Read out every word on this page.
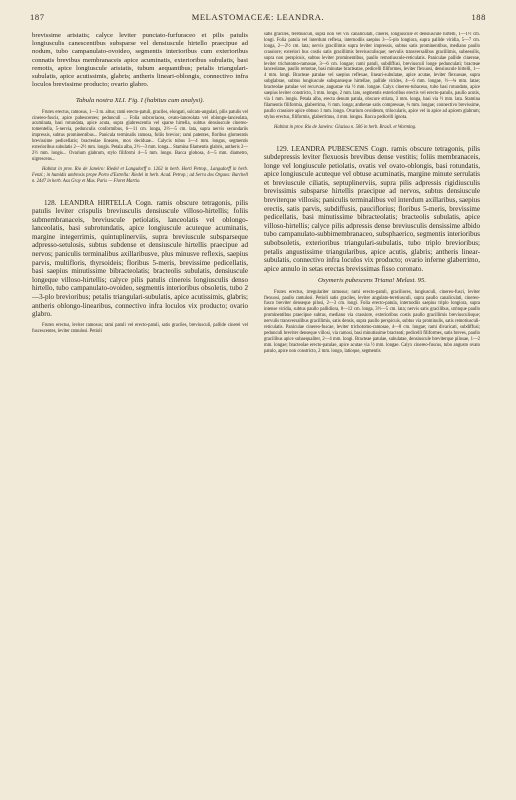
187	MELASTOMACEÆ: LEANDRA.	188

brevissime aristatis; calyce leviter punctato-furfuraceo et pilis patulis longiusculis canescentibus subsparse vel densiuscule hirtello praecipue ad nodum, tubo campanulato-ovoideo, segmentis interioribus cum exterioribus connatis brevibus membranaceis apice acuminatis, exterioribus subulatis, basi remotis, apice longiuscule aristatis, tubum aequantibus; petalis triangulari-subulatis, apice acutissimis, glabris; antheris lineari-oblongis, connectivo infra loculos brevissime producto; ovario glabro.

Tabula nostra XLI. Fig. I (habitus cum analysi).

Frutex erectus, ramosus, 1—3 m. altus; rami erecto-patuli, graciles, elongati, sulcato-angulati, pilis patulis vel cinereo-fuscis, apice pubescentes; pedunculi ... Folia subcoriacea, ovato-lanceolata vel oblongo-lanceolata, acuminata, basi rotundata, apice acuta, supra glabrescentia vel sparse hirtella, subtus densiuscule cinereo-tomentella, 5-nervia, pedunculis conformibus, 6—11 cm. longa, 2½—5 cm. lata, supra nervis secundariis impressis, subtus prominentibus... Panicula terminalis ramosa, foliis brevior; rami patentes, floribus glomeratis brevissime pedicellatis; bracteolae lineares, mox deciduae... Calycis tubus 3—4 mm. longus, segmentis exterioribus subulatis 2—2½ mm. longis. Petala alba, 2½—3 mm. longa... Stamina filamentis glabris, antheris 2—2½ mm. longis... Ovarium glabrum, stylo filiformi 4—5 mm. longo. Bacca globosa, 4—5 mm. diametro, nigrescens...

Habitat in prov. Rio de Janeiro: Riedel et Langsdorff n. 1262 in herb. Horti Petrop., Langsdorff in herb. Fenzl.; in humidis umbrosis prope Porto d'Estrella: Riedel in herb. Acad. Petrop.; ad Serra dos Orgaos: Burchell n. 2447 in herb. Asa Gray et Mus. Paris — Floret Martio.

128. LEANDRA HIRTELLA Cogn. ramis obscure tetragonis, pilis patulis leviter crispulis breviusculis densiuscule villoso-hirtellis; foliis submembranaceis, breviuscule petiolatis, lanceolatis vel oblongo-lanceolatis, basi subrotundatis, apice longiuscule acuteque acuminatis, margine integerrimis, quintuplinerviis, supra breviuscule subsparseque adpresso-setulosis, subtus subdense et densiuscule hirtellis praecipue ad nervos; paniculis terminalibus axillaribusve, plus minusve reflexis, saepius parvis, multifloris, thyrsoideis; floribus 5-meris, brevissime pedicellatis, basi saepius minutissime bibracteolatis; bracteolis subulatis, densiuscule longeque villoso-hirtellis; calyce pilis patulis cinereis longiusculis denso hirtello, tubo campanulato-ovoideo, segmentis interioribus obsoletis, tubo 2—3-plo brevioribus; petalis triangulari-subulatis, apice acutissimis, glabris; antheris oblongo-linearibus, connectivo infra loculos vix producto; ovario glabro.

Frutex erectus, leviter ramosus; rami patuli vel erecto-patuli, satis graciles, breviusculi, pallide cinerei vel fuscescentes, leviter ramulosi. Petioli

satis graciles, teretiusculi, supra non vel vix canaliculati, cinerei, longiuscule et densiuscule hirtelli, 1—1½ cm. longi. Folia patula vel interdum reflexa, internodiis saepius 3—5-plo longiora, supra pallide viridia, 5—7 cm. longa, 2—2½ cm. lata; nervis gracillimis supra leviter impressis, subtus satis prominentibus, mediano paullo crassiore; exteriori bus costis satis gracillimis breviusculisque; nervulis transversalibus gracillimis, subsessilis, supra non perspicuis, subtus leviter prominentibus, paullo remotiuscule-reticulatis. Paniculae pallide cinereae, leviter trichotomo-ramosae, 3—6 cm. longae; rami patuli, subdiffusi, breviusculi longe pedunculati; bracteae lanceolatae, paullo remotae, basi minutae bracteatae, pedicelli filiformes, leviter flexuosi, densiuscule hirtelli, 1—4 mm. longi. Bracteae patulae vel saepius reflexae, lineari-subulatae, apice acutae, leviter flexuosae, supra subglabrae, subtus longiuscule subsparseque hirtellae, pallide virides, 4—6 mm. longae, ½—¾ mm. latae; bracteolae patulae vel recurvae, angustae via ½ mm. longae. Calyx cinereo-tubaceus, tubo basi rotundato, apice saepius leviter constricto, 3 mm. longo, 2 mm. lato, segmentis exterioribus erectis vel erecto-patulis, paullo acutis, via 1 mm. longis. Petala alba, erecta denum patula, obscure striata, 3 mm. longa, basi via ½ mm. lata. Stamina filamentis filiformia, glaberrima, ½ mm. longa; antherae satis compressae, ¾ mm. longae; connectivo brevissime, paullo crassiore apice obtuso 1 mm. longo. Ovarium ovoideum, trilocularis, apice vel in apice ad apicem glabrum; stylus erectus, filiformis, glaberrimus, 4 mm. longus. Bacca pedicelli ignota.

Habitat in prov. Rio de Janeiro: Glaziou n. 506 in herb. Brasil. et Warming.

129. LEANDRA PUBESCENS Cogn. ramis obscure tetragonis, pilis subdepressis leviter flexuosis brevibus dense vestitis; foliis membranaceis, longe vel longiuscule petiolatis, ovatis vel ovato-oblongis, basi rotundatis, apice longiuscule acuteque vel obtuse acuminatis, margine minute serrulatis et breviuscule ciliatis, septuplinerviis, supra pilis adpressis rigidiusculis brevissimis subsparse hirtellis praecipue ad nervos, subtus densiuscule breviterque villosis; paniculis terminalibus vel interdum axillaribus, saepius erectis, satis parvis, subdiffusis, pauciflorius; floribus 5-meris, brevissime pedicellatis, basi minutissime bibracteolatis; bracteolis subulatis, apice villoso-hirtellis; calyce pilis adpressis dense breviusculis densissime albido tubo campanulato-subbimembranaceo, subsphaerico, segmentis interioribus subobsoletis, exterioribus triangulari-subulatis, tubo triplo brevioribus; petalis angustissime triangularibus, apice acutis, glabris; antheris linear-subulatis, connectivo infra loculos vix producto; ovario inferne glaberrimo, apice annulo in setas erectas brevissimas fisso coronato.

Oxymeris pubescens Triana! Melast. 95.

Frutex erectus, irregulariter ramosus; rami erecto-patuli, graciliores, longiusculi, cinereo-fusci, leviter flexuosi, paullo ramulosi. Petioli satis graciles, leviter angulato-teretiusculi, supra paullo canaliculati, cinereo-fusco breviter denseque pilosi, 2—3 cm. longi. Folia erecto-patula, internodiis saepius triplo longiora, supra intense viridia, subtus paullo pallidiora, 8—12 cm. longa, 3½—5 cm. lata; nervis satis gracilibus, utrinque paullo prominentibus praecipue subtus, mediano via crassiore, exterioribus costis paullo gracillimis breviusculisque; nervulis transversalibus gracillimis, satis densis, supra paullo perspicuis, subtus via prominulis, satis remotiusculi-reticulatis. Paniculae cinereo-fuscae, leviter trichotomo-ramosae, 4—8 cm. longae; rami divaricati, subdiffusi; pedunculi breviter denseque villosi, via ramosi, basi minutissime bracteati; pedicelli filiformes, satis breves, paullo gracilibus apice subaequaliter, 2—4 mm. longi. Bracteae patulae, subulatae, densiuscule breviterque pilosae, 1—2 mm. longae; bracteolae erecto-patulae, apice acutae via ½ mm. longae. Calyx cinereo-fuscus, tubo angusto ovato patulo, apice non constricto, 2 mm. longo, latioque, segmentis
